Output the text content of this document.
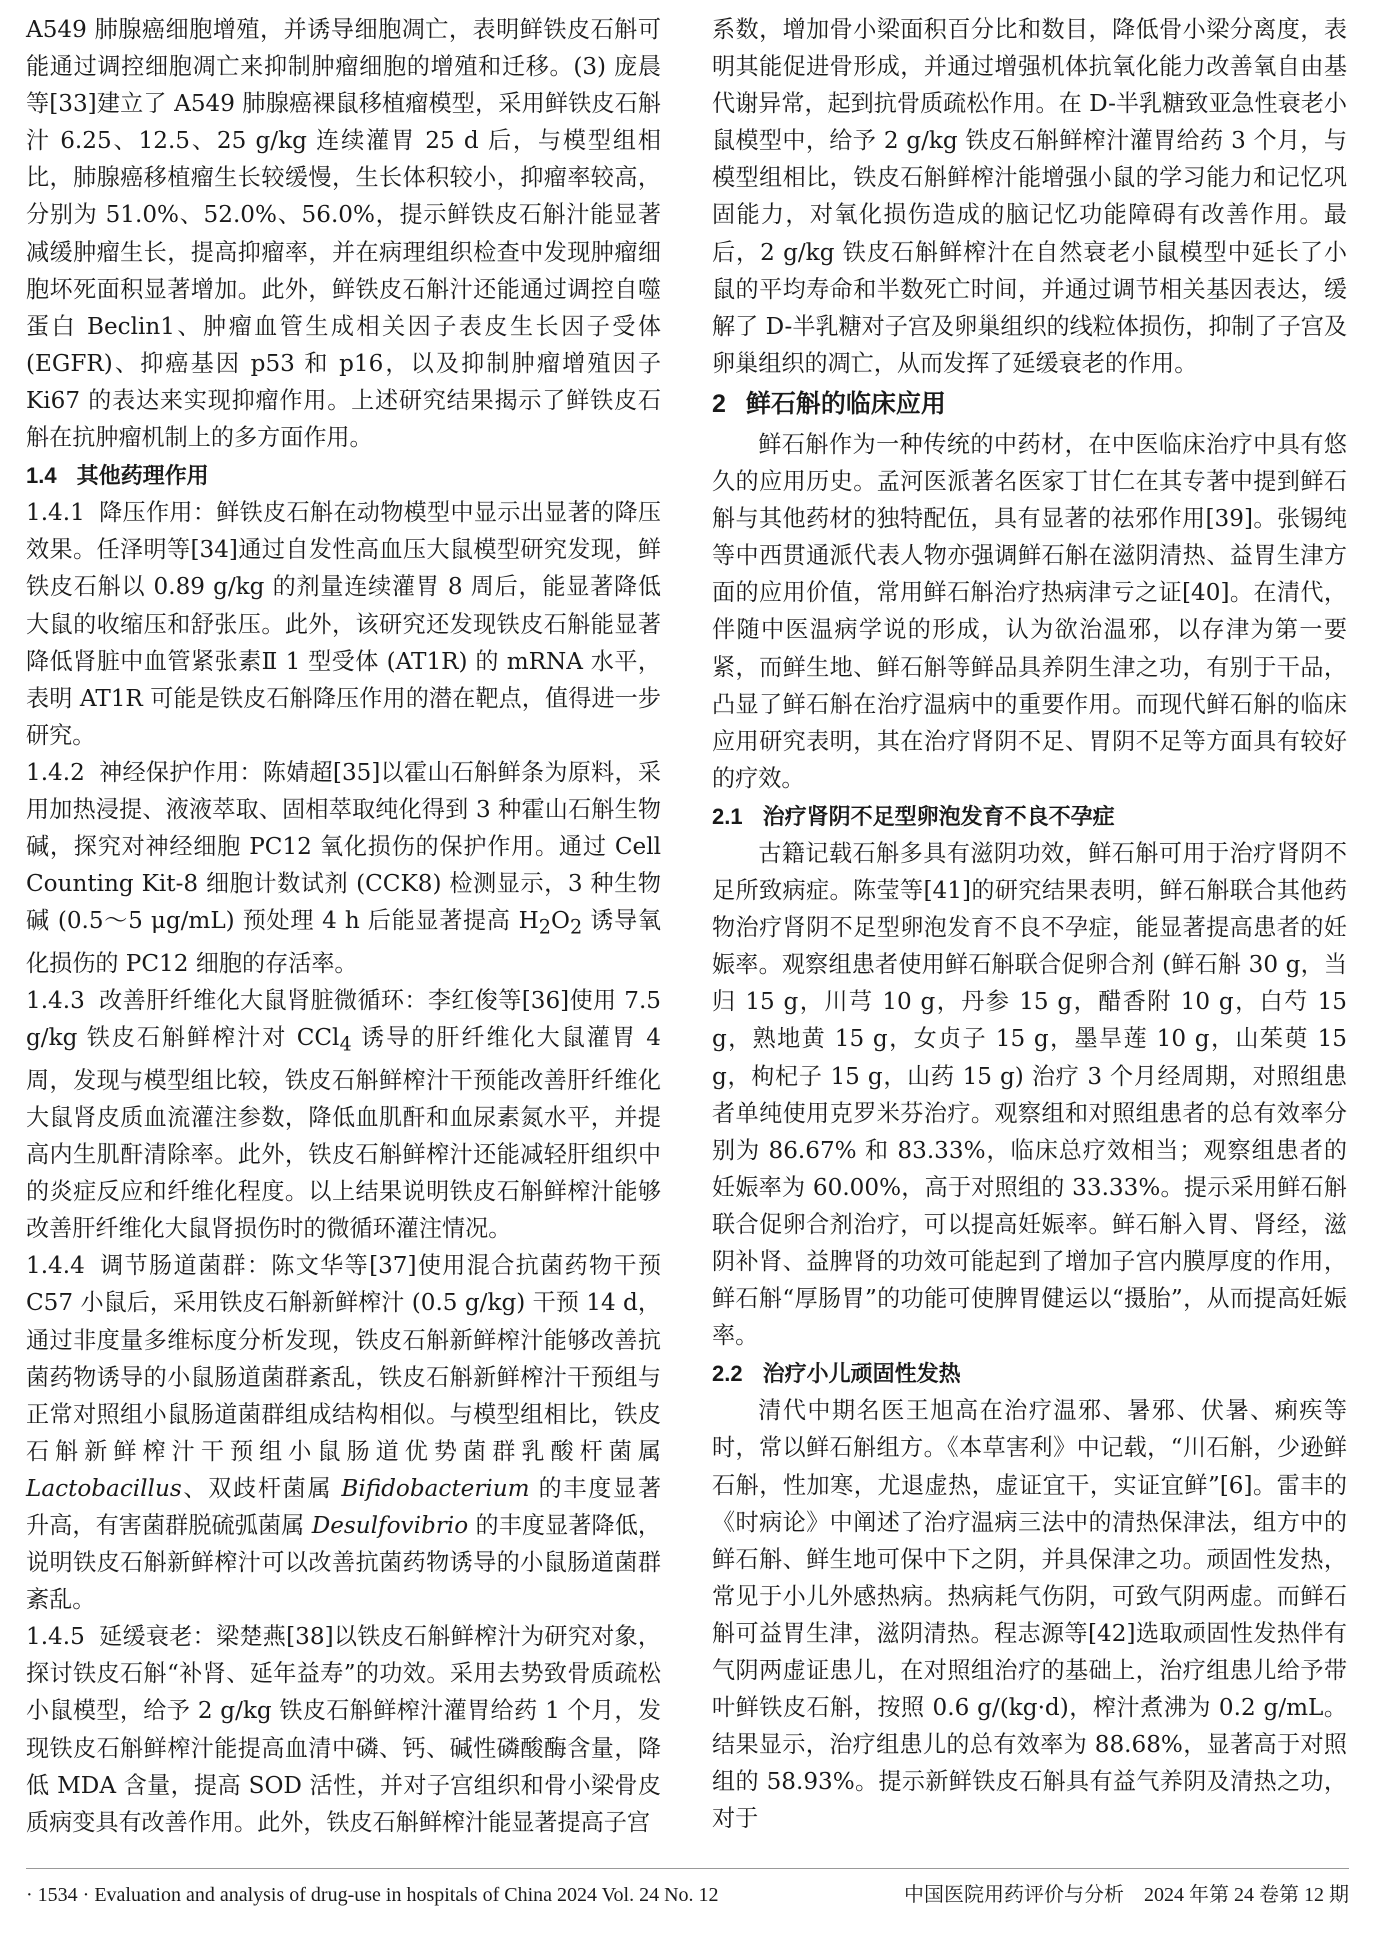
A549 肺腺癌细胞增殖，并诱导细胞凋亡，表明鲜铁皮石斛可能通过调控细胞凋亡来抑制肿瘤细胞的增殖和迁移。(3) 庞晨等[33]建立了 A549 肺腺癌裸鼠移植瘤模型，采用鲜铁皮石斛汁 6.25、12.5、25 g/kg 连续灌胃 25 d 后，与模型组相比，肺腺癌移植瘤生长较缓慢，生长体积较小，抑瘤率较高，分别为 51.0%、52.0%、56.0%，提示鲜铁皮石斛汁能显著减缓肿瘤生长，提高抑瘤率，并在病理组织检查中发现肿瘤细胞坏死面积显著增加。此外，鲜铁皮石斛汁还能通过调控自噬蛋白 Beclin1、肿瘤血管生成相关因子表皮生长因子受体 (EGFR)、抑癌基因 p53 和 p16，以及抑制肿瘤增殖因子 Ki67 的表达来实现抑瘤作用。上述研究结果揭示了鲜铁皮石斛在抗肿瘤机制上的多方面作用。

1.4 其他药理作用

1.4.1 降压作用：鲜铁皮石斛在动物模型中显示出显著的降压效果。任泽明等[34]通过自发性高血压大鼠模型研究发现，鲜铁皮石斛以 0.89 g/kg 的剂量连续灌胃 8 周后，能显著降低大鼠的收缩压和舒张压。此外，该研究还发现铁皮石斛能显著降低肾脏中血管紧张素Ⅱ 1 型受体 (AT1R) 的 mRNA 水平，表明 AT1R 可能是铁皮石斛降压作用的潜在靶点，值得进一步研究。

1.4.2 神经保护作用：陈婧超[35]以霍山石斛鲜条为原料，采用加热浸提、液液萃取、固相萃取纯化得到 3 种霍山石斛生物碱，探究对神经细胞 PC12 氧化损伤的保护作用。通过 Cell Counting Kit-8 细胞计数试剂 (CCK8) 检测显示，3 种生物碱 (0.5～5 μg/mL) 预处理 4 h 后能显著提高 $H_2O_2$ 诱导氧化损伤的 PC12 细胞的存活率。

1.4.3 改善肝纤维化大鼠肾脏微循环：李红俊等[36]使用 7.5 g/kg 铁皮石斛鲜榨汁对 CCl$_4$ 诱导的肝纤维化大鼠灌胃 4 周，发现与模型组比较，铁皮石斛鲜榨汁干预能改善肝纤维化大鼠肾皮质血流灌注参数，降低血肌酐和血尿素氮水平，并提高内生肌酐清除率。此外，铁皮石斛鲜榨汁还能减轻肝组织中的炎症反应和纤维化程度。以上结果说明铁皮石斛鲜榨汁能够改善肝纤维化大鼠肾损伤时的微循环灌注情况。

1.4.4 调节肠道菌群：陈文华等[37]使用混合抗菌药物干预 C57 小鼠后，采用铁皮石斛新鲜榨汁 (0.5 g/kg) 干预 14 d，通过非度量多维标度分析发现，铁皮石斛新鲜榨汁能够改善抗菌药物诱导的小鼠肠道菌群紊乱，铁皮石斛新鲜榨汁干预组与正常对照组小鼠肠道菌群组成结构相似。与模型组相比，铁皮石斛新鲜榨汁干预组小鼠肠道优势菌群乳酸杆菌属 Lactobacillus、双歧杆菌属 Bifidobacterium 的丰度显著升高，有害菌群脱硫弧菌属 Desulfovibrio 的丰度显著降低，说明铁皮石斛新鲜榨汁可以改善抗菌药物诱导的小鼠肠道菌群紊乱。

1.4.5 延缓衰老：梁楚燕[38]以铁皮石斛鲜榨汁为研究对象，探讨铁皮石斛“补肾、延年益寿”的功效。采用去势致骨质疏松小鼠模型，给予 2 g/kg 铁皮石斛鲜榨汁灌胃给药 1 个月，发现铁皮石斛鲜榨汁能提高血清中磷、钙、碱性磷酸酶含量，降低 MDA 含量，提高 SOD 活性，并对子宫组织和骨小梁骨皮质病变具有改善作用。此外，铁皮石斛鲜榨汁能显著提高子宫

系数，增加骨小梁面积百分比和数目，降低骨小梁分离度，表明其能促进骨形成，并通过增强机体抗氧化能力改善氧自由基代谢异常，起到抗骨质疏松作用。在 D-半乳糖致亚急性衰老小鼠模型中，给予 2 g/kg 铁皮石斛鲜榨汁灌胃给药 3 个月，与模型组相比，铁皮石斛鲜榨汁能增强小鼠的学习能力和记忆巩固能力，对氧化损伤造成的脑记忆功能障碍有改善作用。最后，2 g/kg 铁皮石斛鲜榨汁在自然衰老小鼠模型中延长了小鼠的平均寿命和半数死亡时间，并通过调节相关基因表达，缓解了 D-半乳糖对子宫及卵巢组织的线粒体损伤，抑制了子宫及卵巢组织的凋亡，从而发挥了延缓衰老的作用。

2 鲜石斛的临床应用

鲜石斛作为一种传统的中药材，在中医临床治疗中具有悠久的应用历史。孟河医派著名医家丁甘仁在其专著中提到鲜石斛与其他药材的独特配伍，具有显著的祛邪作用[39]。张锡纯等中西贯通派代表人物亦强调鲜石斛在滋阴清热、益胃生津方面的应用价值，常用鲜石斛治疗热病津亏之证[40]。在清代，伴随中医温病学说的形成，认为欲治温邪，以存津为第一要紧，而鲜生地、鲜石斛等鲜品具养阴生津之功，有别于干品，凸显了鲜石斛在治疗温病中的重要作用。而现代鲜石斛的临床应用研究表明，其在治疗肾阴不足、胃阴不足等方面具有较好的疗效。

2.1 治疗肾阴不足型卵泡发育不良不孕症

古籍记载石斛多具有滋阴功效，鲜石斛可用于治疗肾阴不足所致病症。陈莹等[41]的研究结果表明，鲜石斛联合其他药物治疗肾阴不足型卵泡发育不良不孕症，能显著提高患者的妊娠率。观察组患者使用鲜石斛联合促卵合剂 (鲜石斛 30 g，当归 15 g，川芎 10 g，丹参 15 g，醋香附 10 g，白芍 15 g，熟地黄 15 g，女贞子 15 g，墨旱莲 10 g，山茱萸 15 g，枸杞子 15 g，山药 15 g) 治疗 3 个月经周期，对照组患者单纯使用克罗米芬治疗。观察组和对照组患者的总有效率分别为 86.67% 和 83.33%，临床总疗效相当；观察组患者的妊娠率为 60.00%，高于对照组的 33.33%。提示采用鲜石斛联合促卵合剂治疗，可以提高妊娠率。鲜石斛入胃、肾经，滋阴补肾、益脾肾的功效可能起到了增加子宫内膜厚度的作用，鲜石斛“厚肠胃”的功能可使脾胃健运以“摄胎”，从而提高妊娠率。

2.2 治疗小儿顽固性发热

清代中期名医王旭高在治疗温邪、暑邪、伏暑、痢疾等时，常以鲜石斛组方。《本草害利》中记载，“川石斛，少逊鲜石斛，性加寒，尤退虚热，虚证宜干，实证宜鲜”[6]。雷丰的《时病论》中阐述了治疗温病三法中的清热保津法，组方中的鲜石斛、鲜生地可保中下之阴，并具保津之功。顽固性发热，常见于小儿外感热病。热病耗气伤阴，可致气阴两虚。而鲜石斛可益胃生津，滋阴清热。程志源等[42]选取顽固性发热伴有气阴两虚证患儿，在对照组治疗的基础上，治疗组患儿给予带叶鲜铁皮石斛，按照 0.6 g/(kg·d)，榨汁煮沸为 0.2 g/mL。结果显示，治疗组患儿的总有效率为 88.68%，显著高于对照组的 58.93%。提示新鲜铁皮石斛具有益气养阴及清热之功，对于

· 1534 · Evaluation and analysis of drug-use in hospitals of China 2024 Vol. 24 No. 12	中国医院用药评价与分析　2024 年第 24 卷第 12 期
